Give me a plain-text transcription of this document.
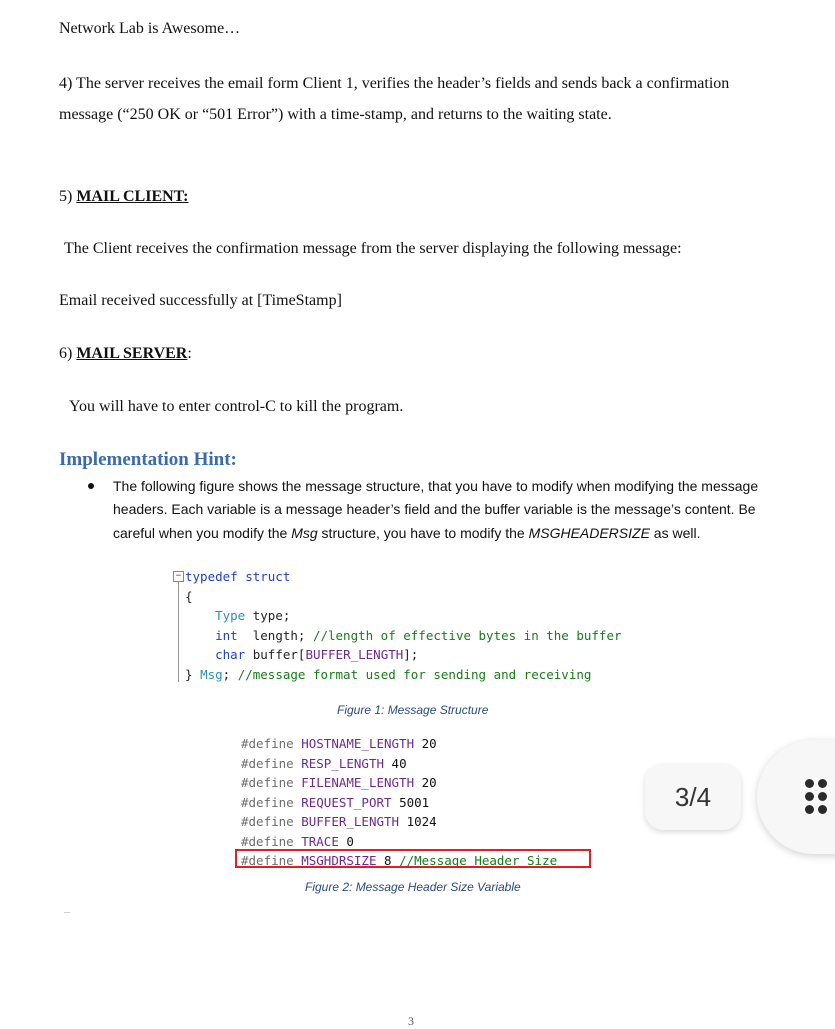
Network Lab is Awesome…

4) The server receives the email form Client 1, verifies the header’s fields and sends back a confirmation message (“250 OK or “501 Error”) with a time-stamp, and returns to the waiting state.

5) MAIL CLIENT:

The Client receives the confirmation message from the server displaying the following message:

Email received successfully at [TimeStamp]

6) MAIL SERVER:

You will have to enter control-C to kill the program.

Implementation Hint:
The following figure shows the message structure, that you have to modify when modifying the message headers. Each variable is a message header’s field and the buffer variable is the message’s content. Be careful when you modify the Msg structure, you have to modify the MSGHEADERSIZE as well.
− typedef struct
{
Type type;
int  length; //length of effective bytes in the buffer
char buffer[BUFFER_LENGTH];
} Msg; //message format used for sending and receiving
Figure 1: Message Structure
#define HOSTNAME_LENGTH 20
#define RESP_LENGTH 40
#define FILENAME_LENGTH 20
#define REQUEST_PORT 5001
#define BUFFER_LENGTH 1024
#define TRACE 0
#define MSGHDRSIZE 8 //Message Header Size
Figure 2: Message Header Size Variable
3
3/4
